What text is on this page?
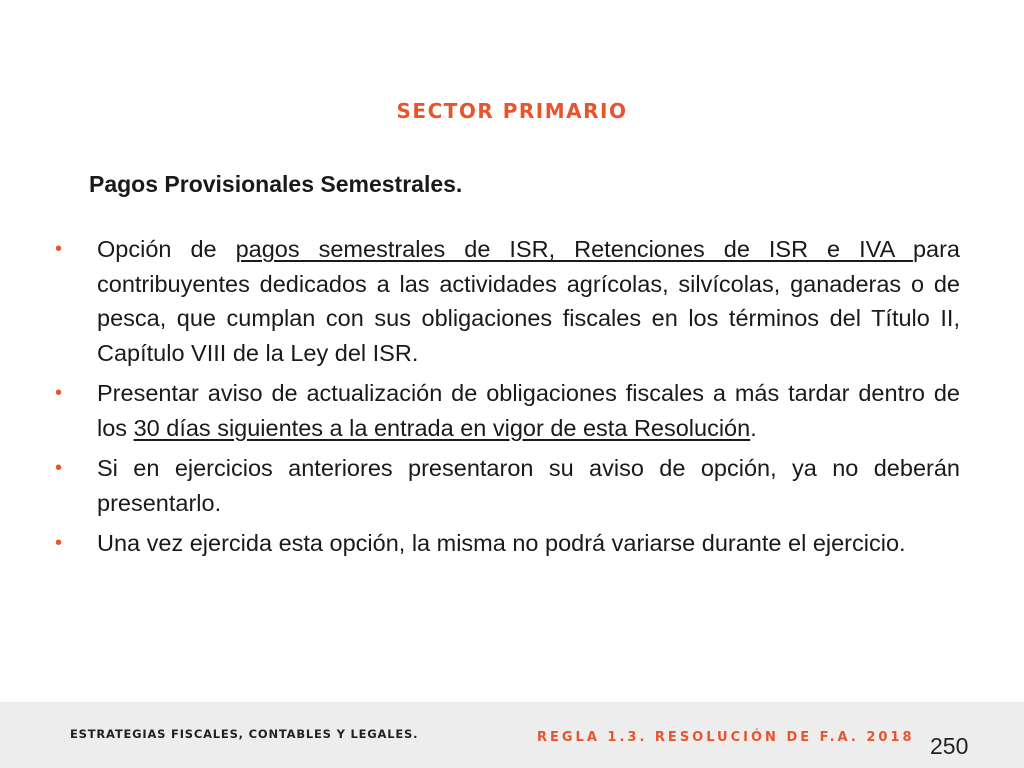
SECTOR PRIMARIO
Pagos Provisionales Semestrales.
• Opción de pagos semestrales de ISR, Retenciones de ISR e IVA para contribuyentes dedicados a las actividades agrícolas, silvícolas, ganaderas o de pesca, que cumplan con sus obligaciones fiscales en los términos del Título II, Capítulo VIII de la Ley del ISR.
• Presentar aviso de actualización de obligaciones fiscales a más tardar dentro de los 30 días siguientes a la entrada en vigor de esta Resolución.
• Si en ejercicios anteriores presentaron su aviso de opción, ya no deberán presentarlo.
• Una vez ejercida esta opción, la misma no podrá variarse durante el ejercicio.
ESTRATEGIAS FISCALES, CONTABLES Y LEGALES.	REGLA 1.3. RESOLUCIÓN DE F.A. 2018 250
